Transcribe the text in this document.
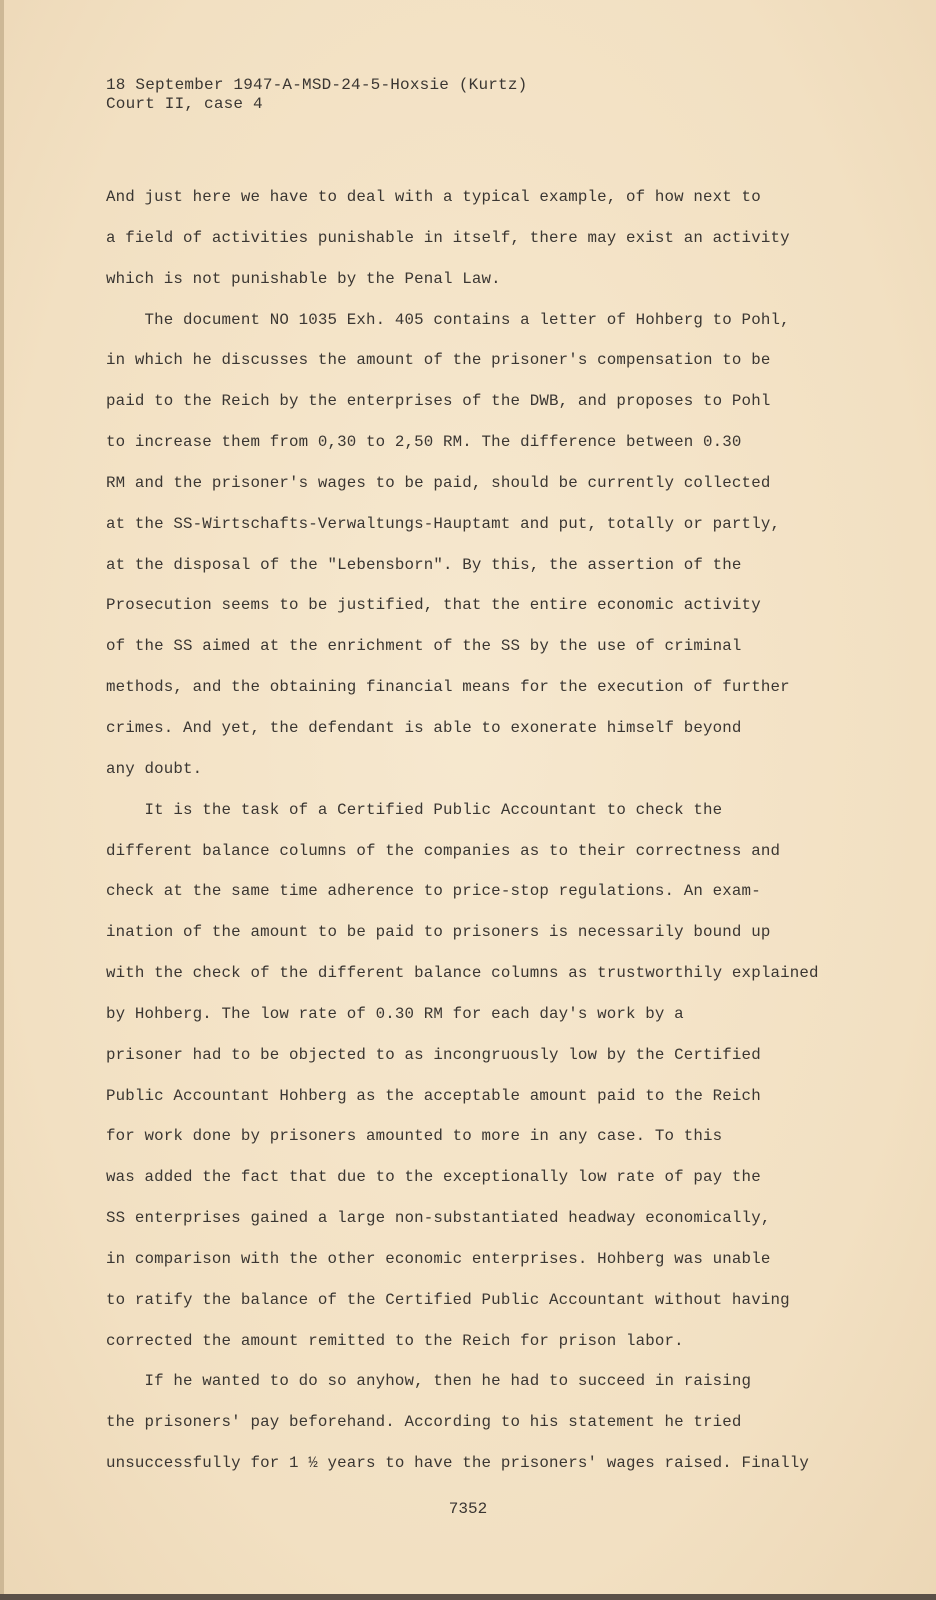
18 September 1947-A-MSD-24-5-Hoxsie (Kurtz)
Court II, case 4
And just here we have to deal with a typical example, of how next to
a field of activities punishable in itself, there may exist an activity
which is not punishable by the Penal Law.
The document NO 1035 Exh. 405 contains a letter of Hohberg to Pohl,
in which he discusses the amount of the prisoner's compensation to be
paid to the Reich by the enterprises of the DWB, and proposes to Pohl
to increase them from 0,30 to 2,50 RM. The difference between 0.30
RM and the prisoner's wages to be paid, should be currently collected
at the SS-Wirtschafts-Verwaltungs-Hauptamt and put, totally or partly,
at the disposal of the "Lebensborn". By this, the assertion of the
Prosecution seems to be justified, that the entire economic activity
of the SS aimed at the enrichment of the SS by the use of criminal
methods, and the obtaining financial means for the execution of further
crimes. And yet, the defendant is able to exonerate himself beyond
any doubt.
It is the task of a Certified Public Accountant to check the
different balance columns of the companies as to their correctness and
check at the same time adherence to price-stop regulations. An exam-
ination of the amount to be paid to prisoners is necessarily bound up
with the check of the different balance columns as trustworthily explained
by Hohberg. The low rate of 0.30 RM for each day's work by a
prisoner had to be objected to as incongruously low by the Certified
Public Accountant Hohberg as the acceptable amount paid to the Reich
for work done by prisoners amounted to more in any case. To this
was added the fact that due to the exceptionally low rate of pay the
SS enterprises gained a large non-substantiated headway economically,
in comparison with the other economic enterprises. Hohberg was unable
to ratify the balance of the Certified Public Accountant without having
corrected the amount remitted to the Reich for prison labor.
If he wanted to do so anyhow, then he had to succeed in raising
the prisoners' pay beforehand. According to his statement he tried
unsuccessfully for 1 ½ years to have the prisoners' wages raised. Finally
7352
